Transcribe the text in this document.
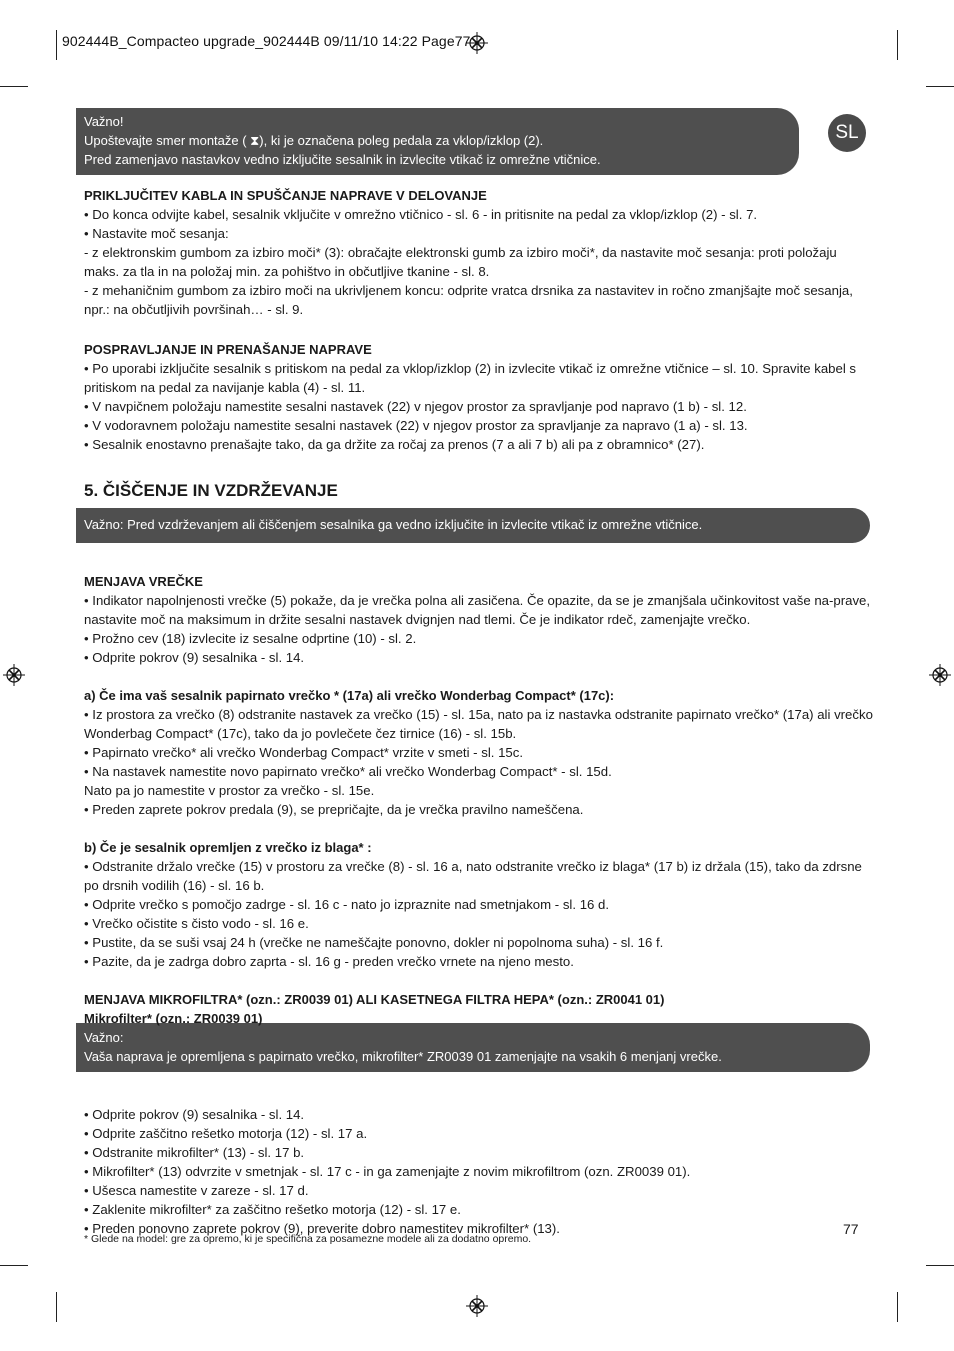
902444B_Compacteo upgrade_902444B 09/11/10 14:22 Page77
SL
Važno!
Upoštevajte smer montaže ( ⧗), ki je označena poleg pedala za vklop/izklop (2).
Pred zamenjavo nastavkov vedno izključite sesalnik in izvlecite vtikač iz omrežne vtičnice.
Važno: Pred vzdrževanjem ali čiščenjem sesalnika ga vedno izključite in izvlecite vtikač iz omrežne vtičnice.
Važno:
Vaša naprava je opremljena s papirnato vrečko, mikrofilter* ZR0039 01 zamenjajte na vsakih 6 menjanj vrečke.
PRIKLJUČITEV KABLA IN SPUŠČANJE NAPRAVE V DELOVANJE

• Do konca odvijte kabel, sesalnik vključite v omrežno vtičnico - sl. 6 - in pritisnite na pedal za vklop/izklop (2) - sl. 7.

• Nastavite moč sesanja:

- z elektronskim gumbom za izbiro moči* (3): obračajte elektronski gumb za izbiro moči*, da nastavite moč sesanja: proti položaju maks. za tla in na položaj min. za pohištvo in občutljive tkanine - sl. 8.

- z mehaničnim gumbom za izbiro moči na ukrivljenem koncu: odprite vratca drsnika za nastavitev in ročno zmanjšajte moč sesanja, npr.: na občutljivih površinah… - sl. 9.

POSPRAVLJANJE IN PRENAŠANJE NAPRAVE

• Po uporabi izključite sesalnik s pritiskom na pedal za vklop/izklop (2) in izvlecite vtikač iz omrežne vtičnice – sl. 10. Spravite kabel s pritiskom na pedal za navijanje kabla (4) - sl. 11.

• V navpičnem položaju namestite sesalni nastavek (22) v njegov prostor za spravljanje pod napravo (1 b) - sl. 12.

• V vodoravnem položaju namestite sesalni nastavek (22) v njegov prostor za spravljanje za napravo (1 a) - sl. 13.

• Sesalnik enostavno prenašajte tako, da ga držite za ročaj za prenos (7 a ali 7 b) ali pa z obramnico* (27).

5. ČIŠČENJE IN VZDRŽEVANJE
MENJAVA VREČKE

• Indikator napolnjenosti vrečke (5) pokaže, da je vrečka polna ali zasičena. Če opazite, da se je zmanjšala učinkovitost vaše na-prave, nastavite moč na maksimum in držite sesalni nastavek dvignjen nad tlemi. Če je indikator rdeč, zamenjajte vrečko.

• Prožno cev (18) izvlecite iz sesalne odprtine (10) - sl. 2.

• Odprite pokrov (9) sesalnika - sl. 14.

a) Če ima vaš sesalnik papirnato vrečko * (17a) ali vrečko Wonderbag Compact* (17c):

• Iz prostora za vrečko (8) odstranite nastavek za vrečko (15) - sl. 15a, nato pa iz nastavka odstranite papirnato vrečko* (17a) ali vrečko Wonderbag Compact* (17c), tako da jo povlečete čez tirnice (16) - sl. 15b.

• Papirnato vrečko* ali vrečko Wonderbag Compact* vrzite v smeti - sl. 15c.

• Na nastavek namestite novo papirnato vrečko* ali vrečko Wonderbag Compact* - sl. 15d.

Nato pa jo namestite v prostor za vrečko - sl. 15e.

• Preden zaprete pokrov predala (9), se prepričajte, da je vrečka pravilno nameščena.

b) Če je sesalnik opremljen z vrečko iz blaga* :

• Odstranite držalo vrečke (15) v prostoru za vrečke (8) - sl. 16 a, nato odstranite vrečko iz blaga* (17 b) iz držala (15), tako da zdrsne po drsnih vodilih (16) - sl. 16 b.

• Odprite vrečko s pomočjo zadrge - sl. 16 c - nato jo izpraznite nad smetnjakom - sl. 16 d.

• Vrečko očistite s čisto vodo - sl. 16 e.

• Pustite, da se suši vsaj 24 h (vrečke ne nameščajte ponovno, dokler ni popolnoma suha) - sl. 16 f.

• Pazite, da je zadrga dobro zaprta - sl. 16 g - preden vrečko vrnete na njeno mesto.

MENJAVA MIKROFILTRA* (ozn.: ZR0039 01) ALI KASETNEGA FILTRA HEPA* (ozn.: ZR0041 01)
Mikrofilter* (ozn.: ZR0039 01)

• Odprite pokrov (9) sesalnika - sl. 14.

• Odprite zaščitno rešetko motorja (12) - sl. 17 a.

• Odstranite mikrofilter* (13) - sl. 17 b.

• Mikrofilter* (13) odvrzite v smetnjak - sl. 17 c - in ga zamenjajte z novim mikrofiltrom (ozn. ZR0039 01).

• Ušesca namestite v zareze - sl. 17 d.

• Zaklenite mikrofilter* za zaščitno rešetko motorja (12) - sl. 17 e.

• Preden ponovno zaprete pokrov (9), preverite dobro namestitev mikrofilter* (13).	77
* Glede na model: gre za opremo, ki je specifična za posamezne modele ali za dodatno opremo.
